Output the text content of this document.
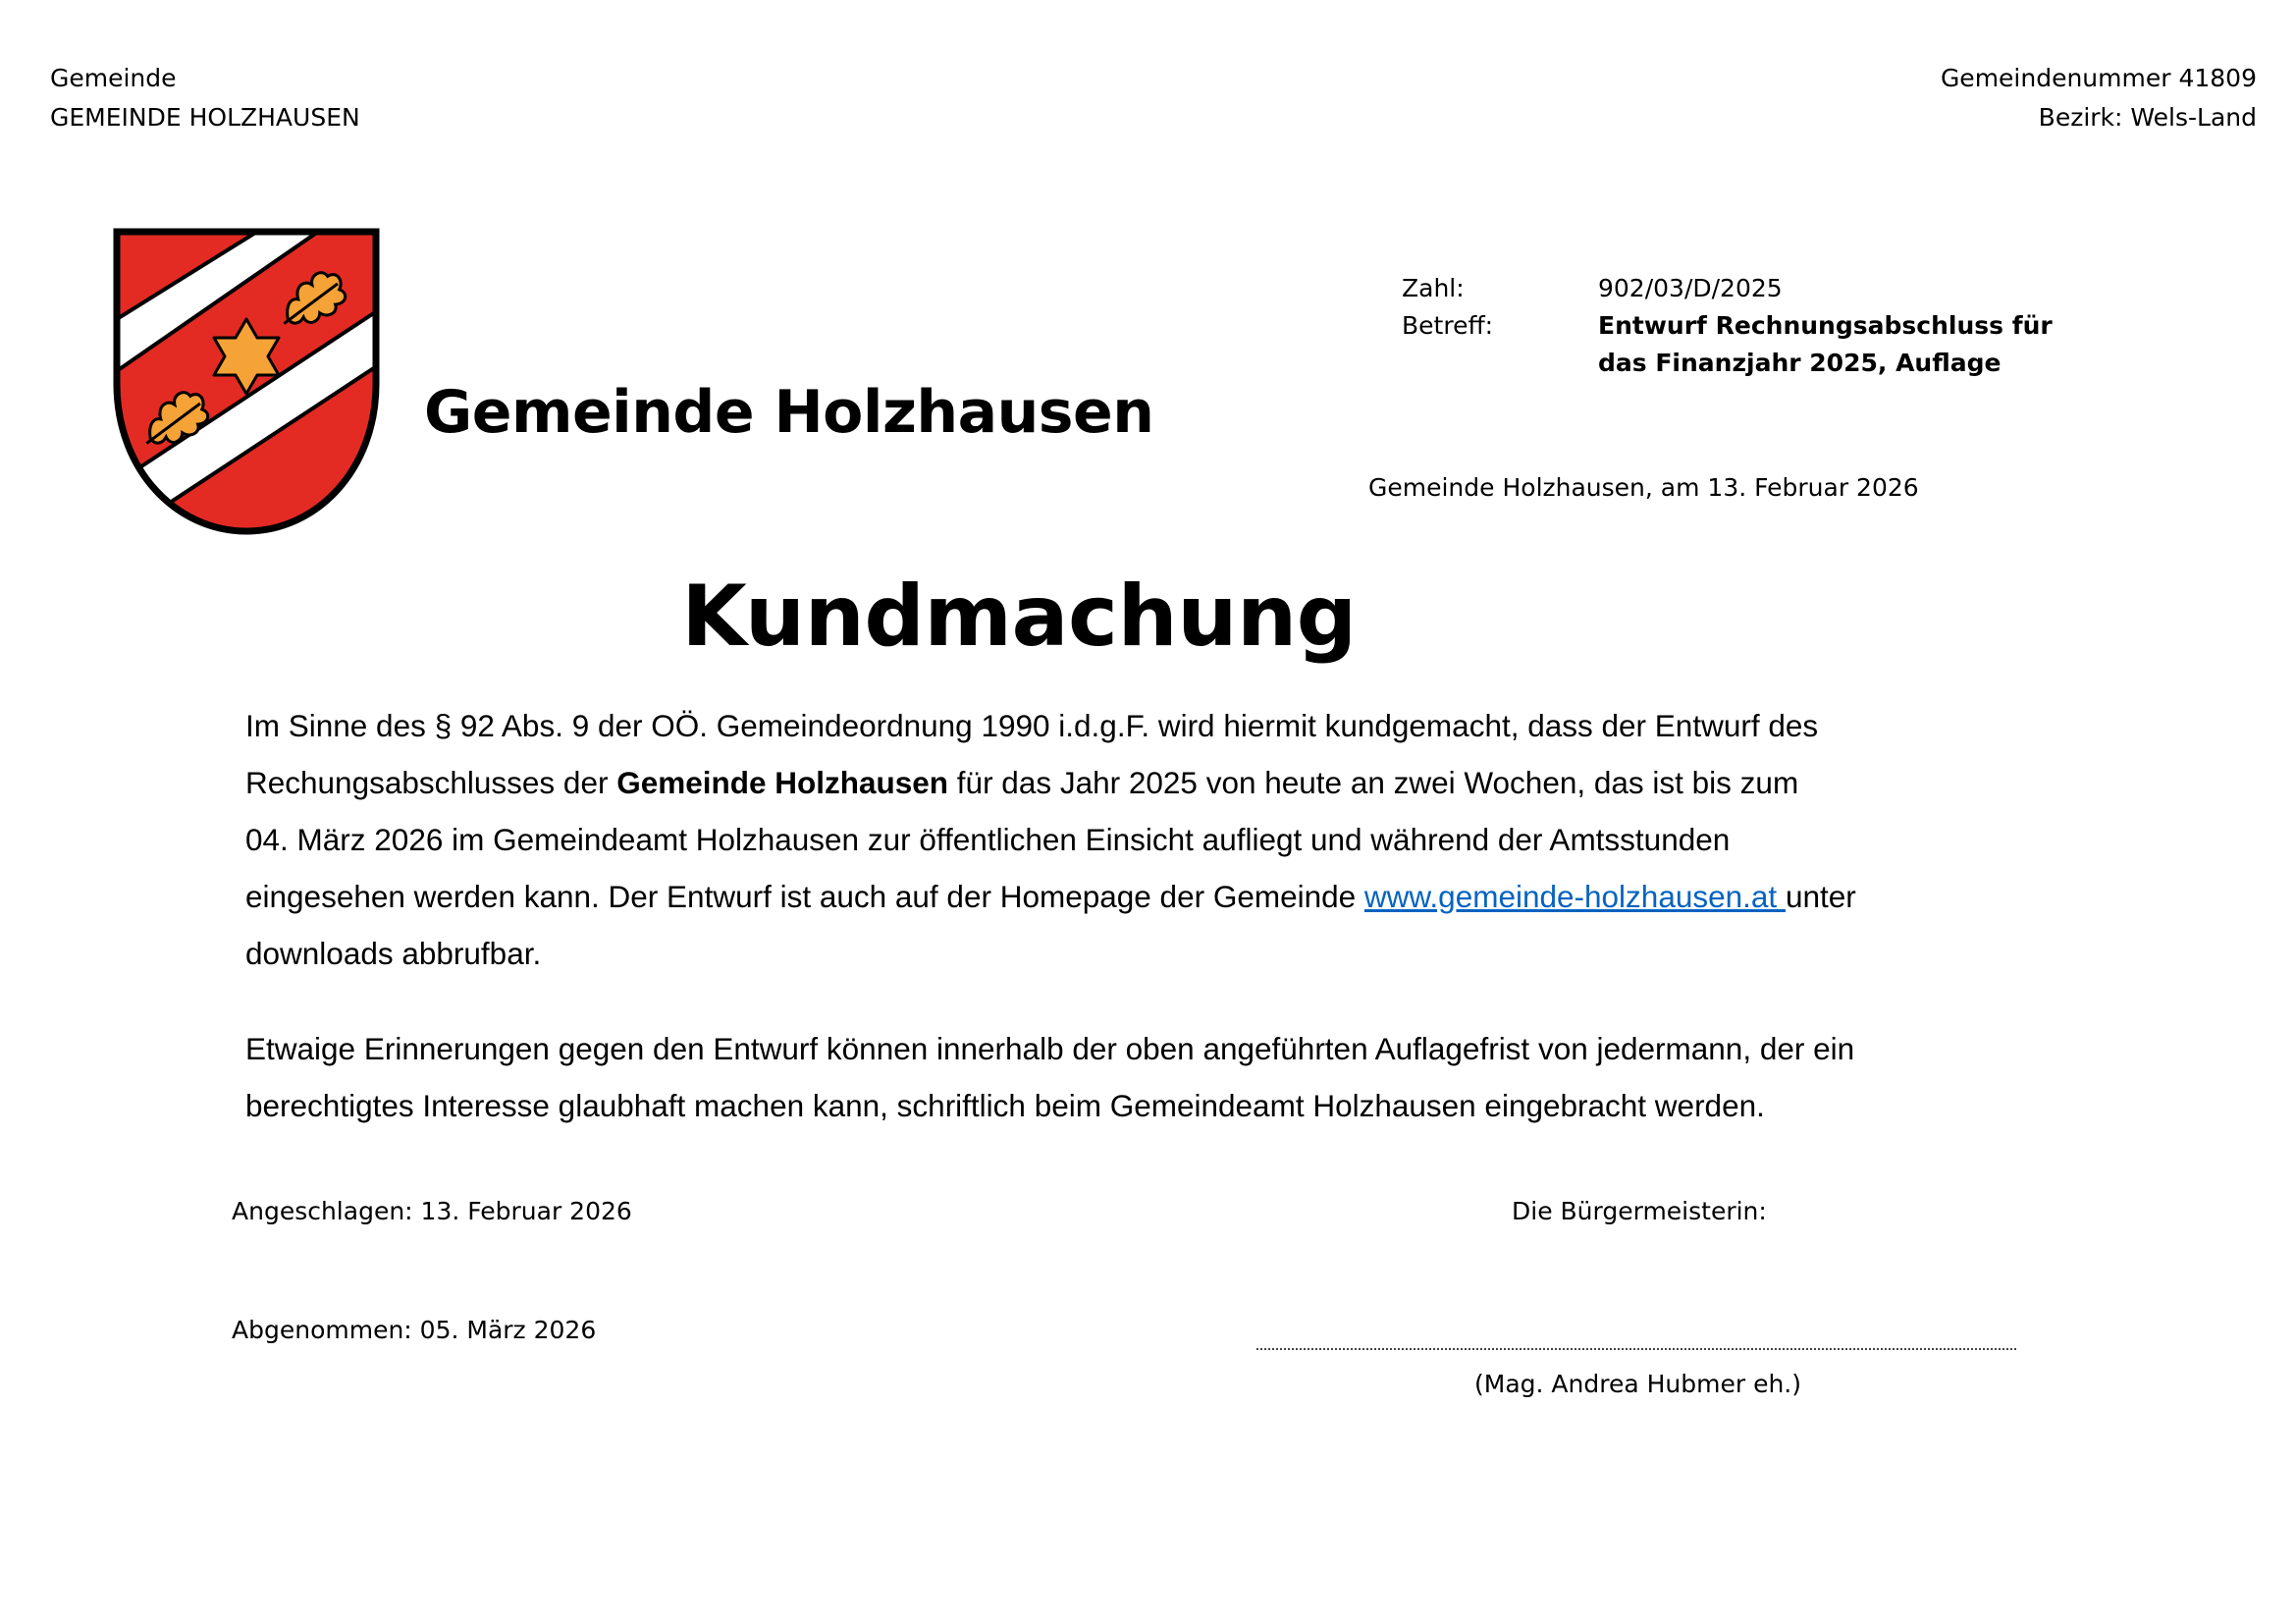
Gemeinde
GEMEINDE HOLZHAUSEN
Gemeindenummer 41809
Bezirk: Wels-Land
Gemeinde Holzhausen
Zahl:	902/03/D/2025
Betreff:	Entwurf Rechnungsabschluss für
das Finanzjahr 2025, Auflage
Gemeinde Holzhausen, am 13. Februar 2026
Kundmachung
Im Sinne des § 92 Abs. 9 der OÖ. Gemeindeordnung 1990 i.d.g.F. wird hiermit kundgemacht, dass der Entwurf des
Rechungsabschlusses der Gemeinde Holzhausen für das Jahr 2025 von heute an zwei Wochen, das ist bis zum
04. März 2026 im Gemeindeamt Holzhausen zur öffentlichen Einsicht aufliegt und während der Amtsstunden
eingesehen werden kann. Der Entwurf ist auch auf der Homepage der Gemeinde www.gemeinde-holzhausen.at unter
downloads abbrufbar.
Etwaige Erinnerungen gegen den Entwurf können innerhalb der oben angeführten Auflagefrist von jedermann, der ein
berechtigtes Interesse glaubhaft machen kann, schriftlich beim Gemeindeamt Holzhausen eingebracht werden.
Angeschlagen: 13. Februar 2026
Abgenommen: 05. März 2026
Die Bürgermeisterin:
(Mag. Andrea Hubmer eh.)
